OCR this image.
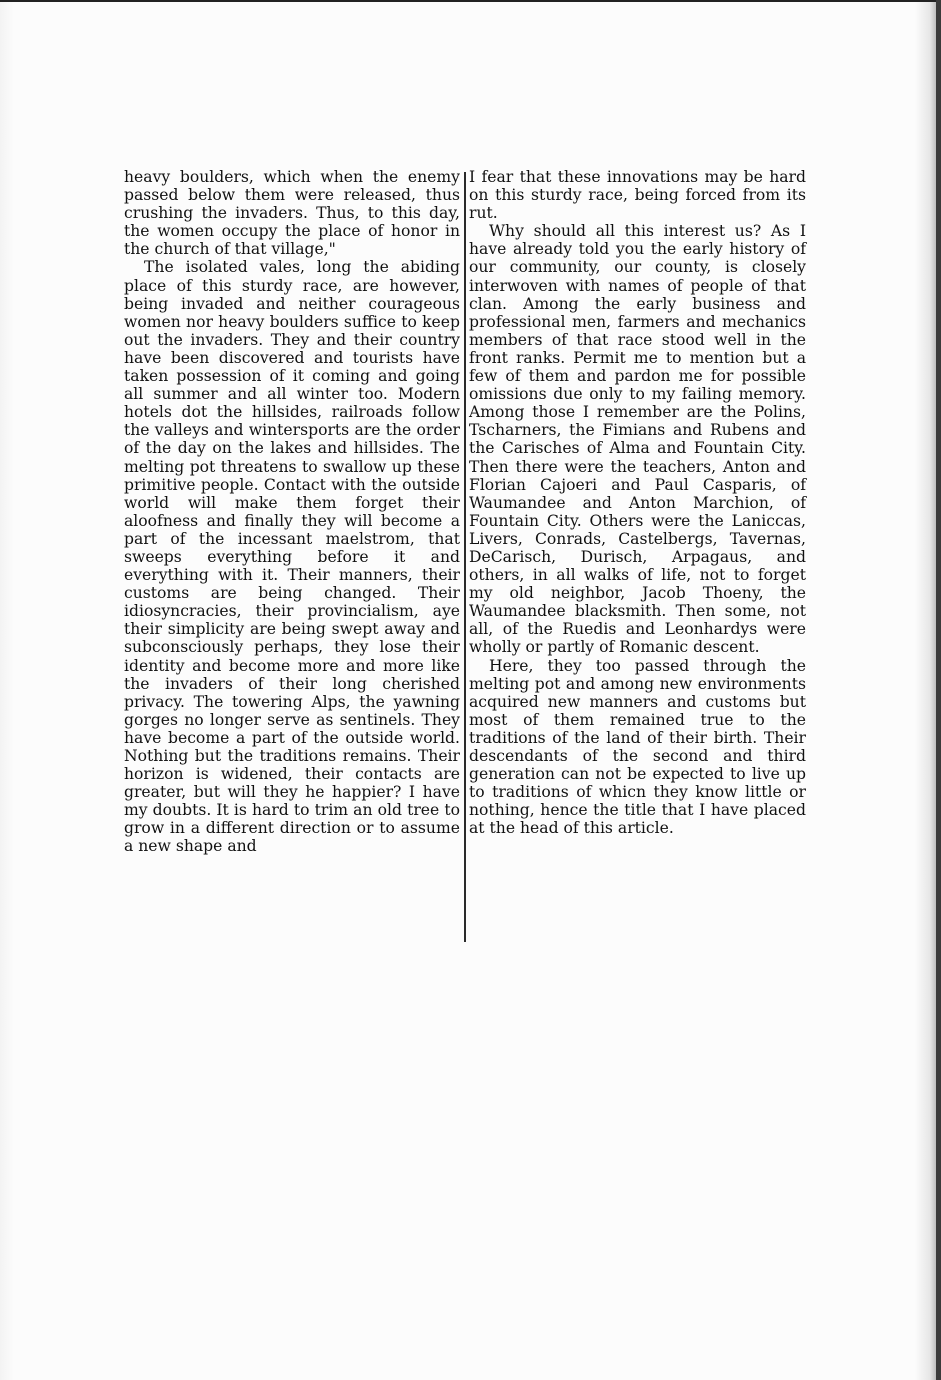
heavy boulders, which when the enemy passed below them were released, thus crushing the invaders. Thus, to this day, the women occupy the place of honor in the church of that village,"

The isolated vales, long the abiding place of this sturdy race, are however, being invaded and neither courageous women nor heavy boulders suffice to keep out the invaders. They and their country have been discovered and tourists have taken possession of it coming and going all summer and all winter too. Modern hotels dot the hillsides, railroads follow the valleys and wintersports are the order of the day on the lakes and hillsides. The melting pot threatens to swallow up these primitive people. Contact with the outside world will make them forget their aloofness and finally they will become a part of the incessant maelstrom, that sweeps everything before it and everything with it. Their manners, their customs are being changed. Their idiosyncracies, their provincialism, aye their simplicity are being swept away and subconsciously perhaps, they lose their identity and become more and more like the invaders of their long cherished privacy. The towering Alps, the yawning gorges no longer serve as sentinels. They have become a part of the outside world. Nothing but the traditions remains. Their horizon is widened, their contacts are greater, but will they he happier? I have my doubts. It is hard to trim an old tree to grow in a different direction or to assume a new shape and

I fear that these innovations may be hard on this sturdy race, being forced from its rut.

Why should all this interest us? As I have already told you the early history of our community, our county, is closely interwoven with names of people of that clan. Among the early business and professional men, farmers and mechanics members of that race stood well in the front ranks. Permit me to mention but a few of them and pardon me for possible omissions due only to my failing memory. Among those I remember are the Polins, Tscharners, the Fimians and Rubens and the Carisches of Alma and Fountain City. Then there were the teachers, Anton and Florian Cajoeri and Paul Casparis, of Waumandee and Anton Marchion, of Fountain City. Others were the Laniccas, Livers, Conrads, Castelbergs, Tavernas, DeCarisch, Durisch, Arpagaus, and others, in all walks of life, not to forget my old neighbor, Jacob Thoeny, the Waumandee blacksmith. Then some, not all, of the Ruedis and Leonhardys were wholly or partly of Romanic descent.

Here, they too passed through the melting pot and among new environments acquired new manners and customs but most of them remained true to the traditions of the land of their birth. Their descendants of the second and third generation can not be expected to live up to traditions of whicn they know little or nothing, hence the title that I have placed at the head of this article.
